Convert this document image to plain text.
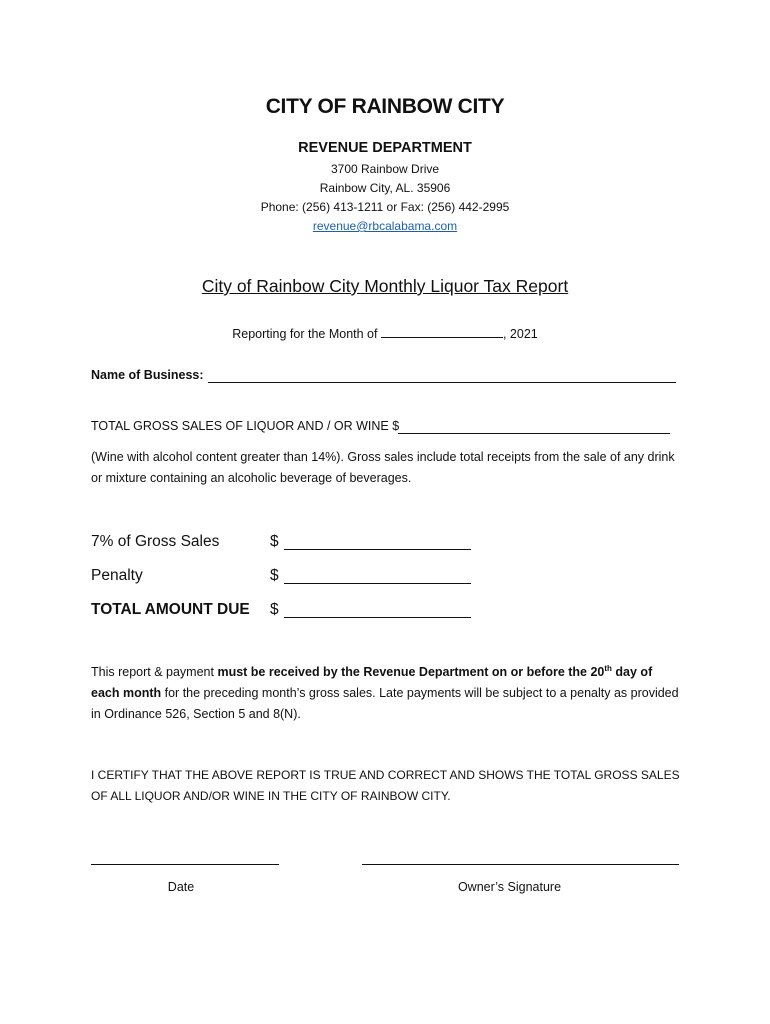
CITY OF RAINBOW CITY
REVENUE DEPARTMENT
3700 Rainbow Drive
Rainbow City, AL. 35906
Phone: (256) 413-1211 or Fax: (256) 442-2995
revenue@rbcalabama.com
City of Rainbow City Monthly Liquor Tax Report
Reporting for the Month of	, 2021
Name of Business:
TOTAL GROSS SALES OF LIQUOR AND / OR WINE $
(Wine with alcohol content greater than 14%). Gross sales include total receipts from the sale of any drink or mixture containing an alcoholic beverage of beverages.
7% of Gross Sales	$
Penalty	$
TOTAL AMOUNT DUE $
This report & payment must be received by the Revenue Department on or before the 20th day of each month for the preceding month’s gross sales. Late payments will be subject to a penalty as provided in Ordinance 526, Section 5 and 8(N).
I CERTIFY THAT THE ABOVE REPORT IS TRUE AND CORRECT AND SHOWS THE TOTAL GROSS SALES OF ALL LIQUOR AND/OR WINE IN THE CITY OF RAINBOW CITY.
Date	Owner’s Signature
